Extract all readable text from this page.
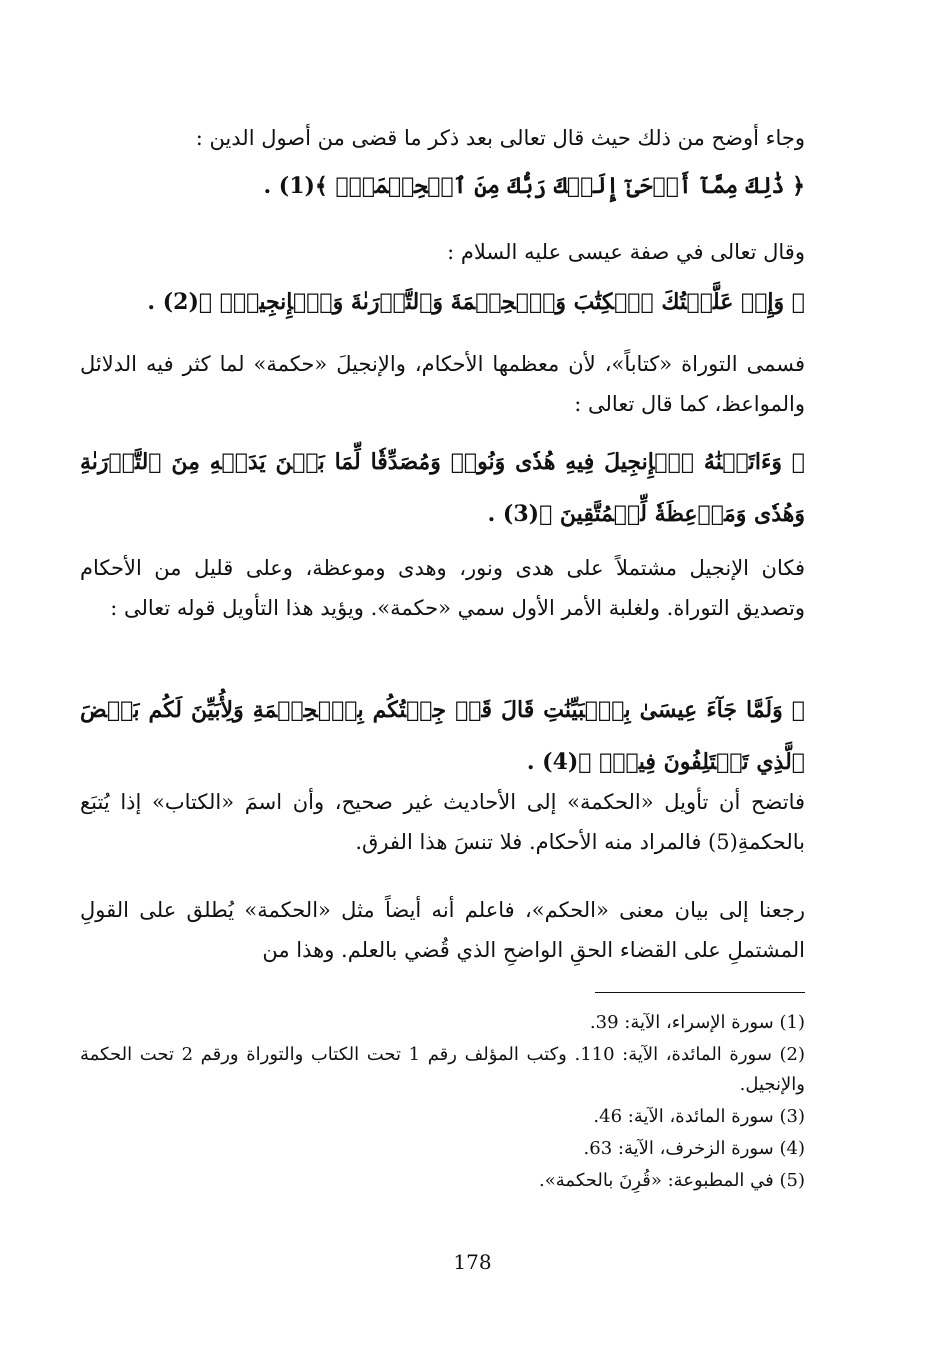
وجاء أوضح من ذلك حيث قال تعالى بعد ذكر ما قضى من أصول الدين :

﴿ ذَٰلِكَ مِمَّآ أَوۡحَىٰٓ إِلَيۡكَ رَبُّكَ مِنَ ٱلۡحِكۡمَةِۗ ﴾(1) .

وقال تعالى في صفة عيسى عليه السلام :

﴿ وَإِذۡ عَلَّمۡتُكَ ٱلۡكِتَٰبَ وَٱلۡحِكۡمَةَ وَٱلتَّوۡرَىٰةَ وَٱلۡإِنجِيلَۖ ﴾(2) .

فسمى التوراة «كتاباً»، لأن معظمها الأحكام، والإنجيلَ «حكمة» لما كثر فيه الدلائل والمواعظ، كما قال تعالى :

﴿ وَءَاتَيۡنَٰهُ ٱلۡإِنجِيلَ فِيهِ هُدٗى وَنُورٞ وَمُصَدِّقٗا لِّمَا بَيۡنَ يَدَيۡهِ مِنَ ٱلتَّوۡرَىٰةِ وَهُدٗى وَمَوۡعِظَةٗ لِّلۡمُتَّقِينَ ﴾(3) .

فكان الإنجيل مشتملاً على هدى ونور، وهدى وموعظة، وعلى قليل من الأحكام وتصديق التوراة. ولغلبة الأمر الأول سمي «حكمة». ويؤيد هذا التأويل قوله تعالى :

﴿ وَلَمَّا جَآءَ عِيسَىٰ بِٱلۡبَيِّنَٰتِ قَالَ قَدۡ جِئۡتُكُم بِٱلۡحِكۡمَةِ وَلِأُبَيِّنَ لَكُم بَعۡضَ ٱلَّذِي تَخۡتَلِفُونَ فِيهِۖ ﴾(4) .

فاتضح أن تأويل «الحكمة» إلى الأحاديث غير صحيح، وأن اسمَ «الكتاب» إذا يُتبَع بالحكمةِ(5) فالمراد منه الأحكام. فلا تنسَ هذا الفرق.

رجعنا إلى بيان معنى «الحكم»، فاعلم أنه أيضاً مثل «الحكمة» يُطلق على القولِ المشتملِ على القضاء الحقِ الواضحِ الذي قُضي بالعلم. وهذا من

(1) سورة الإسراء، الآية: 39.
(2) سورة المائدة، الآية: 110. وكتب المؤلف رقم 1 تحت الكتاب والتوراة ورقم 2 تحت الحكمة والإنجيل.
(3) سورة المائدة، الآية: 46.
(4) سورة الزخرف، الآية: 63.
(5) في المطبوعة: «قُرِنَ بالحكمة».
178
